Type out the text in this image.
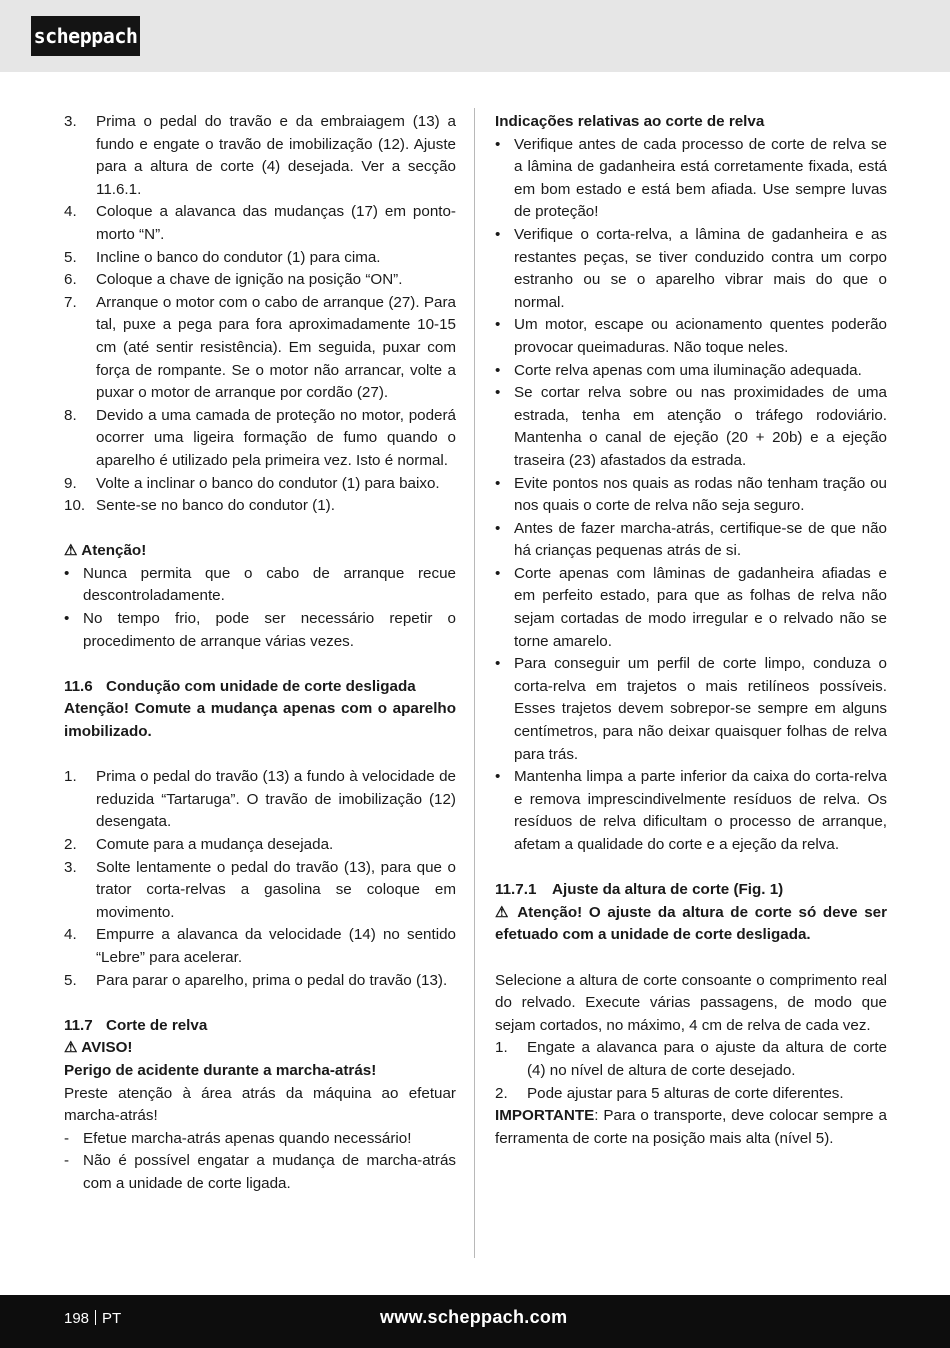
scheppach
3. Prima o pedal do travão e da embraiagem (13) a fundo e engate o travão de imobilização (12). Ajuste para a altura de corte (4) desejada. Ver a secção 11.6.1.
4. Coloque a alavanca das mudanças (17) em ponto-morto “N”.
5. Incline o banco do condutor (1) para cima.
6. Coloque a chave de ignição na posição “ON”.
7. Arranque o motor com o cabo de arranque (27). Para tal, puxe a pega para fora aproximadamente 10-15 cm (até sentir resistência). Em seguida, puxar com força de rompante. Se o motor não arrancar, volte a puxar o motor de arranque por cordão (27).
8. Devido a uma camada de proteção no motor, poderá ocorrer uma ligeira formação de fumo quando o aparelho é utilizado pela primeira vez. Isto é normal.
9. Volte a inclinar o banco do condutor (1) para baixo.
10. Sente-se no banco do condutor (1).
⚠ Atenção!
• Nunca permita que o cabo de arranque recue descontroladamente.
• No tempo frio, pode ser necessário repetir o procedimento de arranque várias vezes.
11.6 Condução com unidade de corte desligada
Atenção! Comute a mudança apenas com o aparelho imobilizado.
1. Prima o pedal do travão (13) a fundo à velocidade de reduzida “Tartaruga”. O travão de imobilização (12) desengata.
2. Comute para a mudança desejada.
3. Solte lentamente o pedal do travão (13), para que o trator corta-relvas a gasolina se coloque em movimento.
4. Empurre a alavanca da velocidade (14) no sentido “Lebre” para acelerar.
5. Para parar o aparelho, prima o pedal do travão (13).
11.7 Corte de relva
⚠ AVISO!
Perigo de acidente durante a marcha-atrás!
Preste atenção à área atrás da máquina ao efetuar marcha-atrás!
- Efetue marcha-atrás apenas quando necessário!
- Não é possível engatar a mudança de marcha-atrás com a unidade de corte ligada.
Indicações relativas ao corte de relva
• Verifique antes de cada processo de corte de relva se a lâmina de gadanheira está corretamente fixada, está em bom estado e está bem afiada. Use sempre luvas de proteção!
• Verifique o corta-relva, a lâmina de gadanheira e as restantes peças, se tiver conduzido contra um corpo estranho ou se o aparelho vibrar mais do que o normal.
• Um motor, escape ou acionamento quentes poderão provocar queimaduras. Não toque neles.
• Corte relva apenas com uma iluminação adequada.
• Se cortar relva sobre ou nas proximidades de uma estrada, tenha em atenção o tráfego rodoviário. Mantenha o canal de ejeção (20 + 20b) e a ejeção traseira (23) afastados da estrada.
• Evite pontos nos quais as rodas não tenham tração ou nos quais o corte de relva não seja seguro.
• Antes de fazer marcha-atrás, certifique-se de que não há crianças pequenas atrás de si.
• Corte apenas com lâminas de gadanheira afiadas e em perfeito estado, para que as folhas de relva não sejam cortadas de modo irregular e o relvado não se torne amarelo.
• Para conseguir um perfil de corte limpo, conduza o corta-relva em trajetos o mais retilíneos possíveis. Esses trajetos devem sobrepor-se sempre em alguns centímetros, para não deixar quaisquer folhas de relva para trás.
• Mantenha limpa a parte inferior da caixa do corta-relva e remova imprescindivelmente resíduos de relva. Os resíduos de relva dificultam o processo de arranque, afetam a qualidade do corte e a ejeção da relva.
11.7.1 Ajuste da altura de corte (Fig. 1)
⚠ Atenção! O ajuste da altura de corte só deve ser efetuado com a unidade de corte desligada.
Selecione a altura de corte consoante o comprimento real do relvado. Execute várias passagens, de modo que sejam cortados, no máximo, 4 cm de relva de cada vez.
1. Engate a alavanca para o ajuste da altura de corte (4) no nível de altura de corte desejado.
2. Pode ajustar para 5 alturas de corte diferentes.
IMPORTANTE: Para o transporte, deve colocar sempre a ferramenta de corte na posição mais alta (nível 5).
198 PT	www.scheppach.com
